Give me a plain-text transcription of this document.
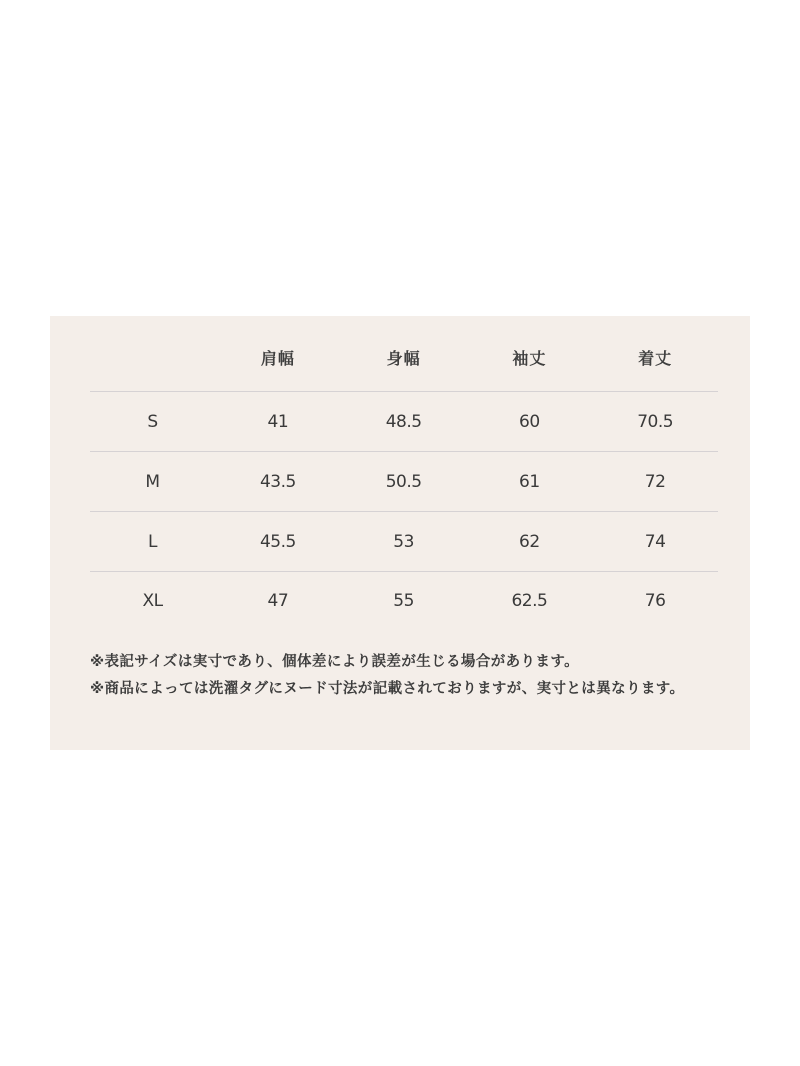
	肩幅	身幅	袖丈	着丈
S	41	48.5	60	70.5
M	43.5	50.5	61	72
L	45.5	53	62	74
XL	47	55	62.5	76

※表記サイズは実寸であり、個体差により誤差が生じる場合があります。

※商品によっては洗濯タグにヌード寸法が記載されておりますが、実寸とは異なります。
